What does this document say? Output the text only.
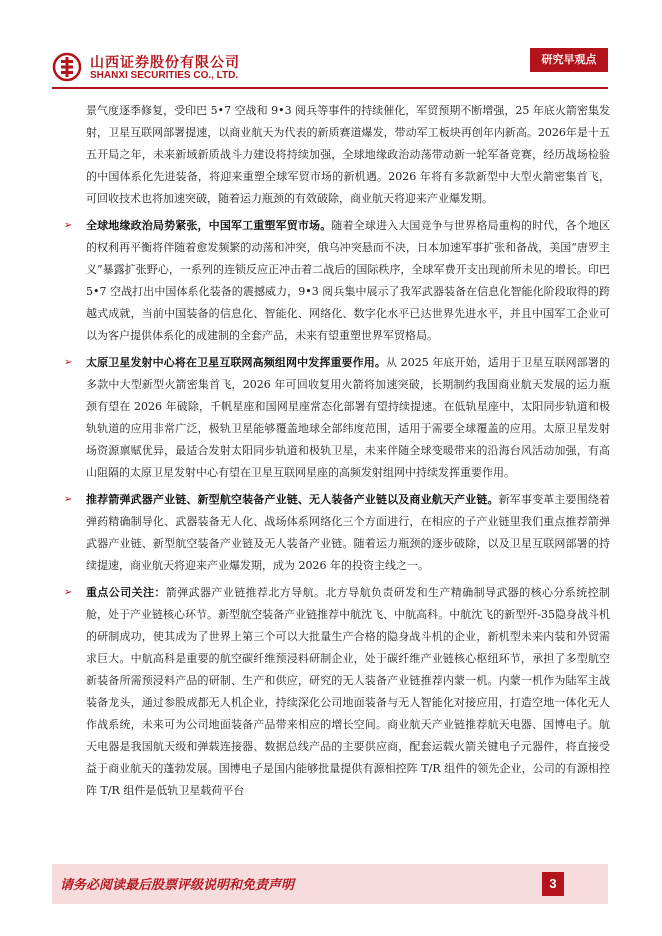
山西证券股份有限公司
SHANXI SECURITIES CO., LTD.
研究早观点

景气度逐季修复，受印巴 5•7 空战和 9•3 阅兵等事件的持续催化，军贸预期不断增强，25 年底火箭密集发射，卫星互联网部署提速，以商业航天为代表的新质赛道爆发，带动军工板块再创年内新高。2026年是十五五开局之年，未来新域新质战斗力建设将持续加强，全球地缘政治动荡带动新一轮军备竞赛，经历战场检验的中国体系化先进装备，将迎来重塑全球军贸市场的新机遇。2026 年将有多款新型中大型火箭密集首飞，可回收技术也将加速突破，随着运力瓶颈的有效破除，商业航天将迎来产业爆发期。

➢ 全球地缘政治局势紧张，中国军工重塑军贸市场。随着全球进入大国竞争与世界格局重构的时代，各个地区的权利再平衡将伴随着愈发频繁的动荡和冲突，俄乌冲突悬而不决，日本加速军事扩张和备战，美国“唐罗主义”暴露扩张野心，一系列的连锁反应正冲击着二战后的国际秩序，全球军费开支出现前所未见的增长。印巴 5•7 空战打出中国体系化装备的震撼威力，9•3 阅兵集中展示了我军武器装备在信息化智能化阶段取得的跨越式成就，当前中国装备的信息化、智能化、网络化、数字化水平已达世界先进水平，并且中国军工企业可以为客户提供体系化的成建制的全套产品，未来有望重塑世界军贸格局。
➢ 太原卫星发射中心将在卫星互联网高频组网中发挥重要作用。从 2025 年底开始，适用于卫星互联网部署的多款中大型新型火箭密集首飞，2026 年可回收复用火箭将加速突破，长期制约我国商业航天发展的运力瓶颈有望在 2026 年破除，千帆星座和国网星座常态化部署有望持续提速。在低轨星座中，太阳同步轨道和极轨轨道的应用非常广泛，极轨卫星能够覆盖地球全部纬度范围，适用于需要全球覆盖的应用。太原卫星发射场资源禀赋优异，最适合发射太阳同步轨道和极轨卫星，未来伴随全球变暖带来的沿海台风活动加强，有高山阻隔的太原卫星发射中心有望在卫星互联网星座的高频发射组网中持续发挥重要作用。
➢ 推荐箭弹武器产业链、新型航空装备产业链、无人装备产业链以及商业航天产业链。新军事变革主要围绕着弹药精确制导化、武器装备无人化、战场体系网络化三个方面进行，在相应的子产业链里我们重点推荐箭弹武器产业链、新型航空装备产业链及无人装备产业链。随着运力瓶颈的逐步破除，以及卫星互联网部署的持续提速，商业航天将迎来产业爆发期，成为 2026 年的投资主线之一。
➢ 重点公司关注：箭弹武器产业链推荐北方导航。北方导航负责研发和生产精确制导武器的核心分系统控制舱，处于产业链核心环节。新型航空装备产业链推荐中航沈飞、中航高科。中航沈飞的新型歼-35隐身战斗机的研制成功，使其成为了世界上第三个可以大批量生产合格的隐身战斗机的企业，新机型未来内装和外贸需求巨大。中航高科是重要的航空碳纤维预浸料研制企业，处于碳纤维产业链核心枢纽环节，承担了多型航空新装备所需预浸料产品的研制、生产和供应，研究的无人装备产业链推荐内蒙一机。内蒙一机作为陆军主战装备龙头，通过参股成都无人机企业，持续深化公司地面装备与无人智能化对接应用，打造空地一体化无人作战系统，未来可为公司地面装备产品带来相应的增长空间。商业航天产业链推荐航天电器、国博电子。航天电器是我国航天级和弹载连接器、数据总线产品的主要供应商，配套运载火箭关键电子元器件，将直接受益于商业航天的蓬勃发展。国博电子是国内能够批量提供有源相控阵 T/R 组件的领先企业，公司的有源相控阵 T/R 组件是低轨卫星载荷平台
请务必阅读最后股票评级说明和免责声明	3
